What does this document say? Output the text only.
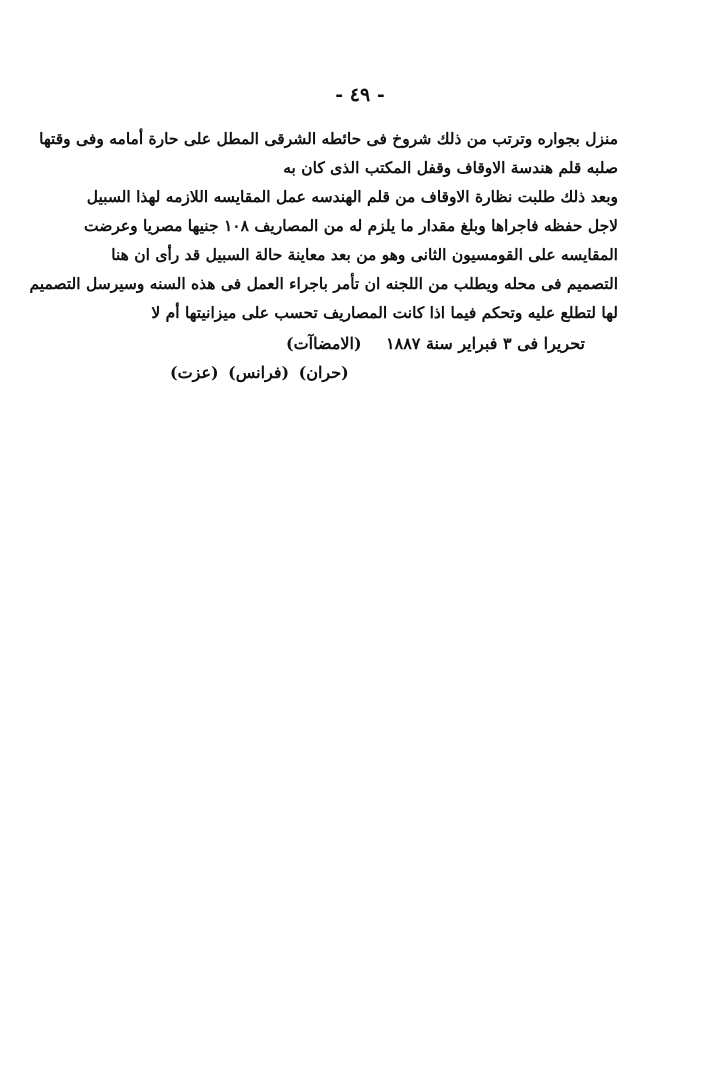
- ٤٩ -
منزل بجواره وترتب من ذلك شروخ فى حائطه الشرقى المطل على حارة أمامه وفى وقتها
صلبه قلم هندسة الاوقاف وقفل المكتب الذى كان به
وبعد ذلك طلبت نظارة الاوقاف من قلم الهندسه عمل المقايسه اللازمه لهذا السبيل
لاجل حفظه فاجراها وبلغ مقدار ما يلزم له من المصاريف ١٠٨ جنيها مصريا وعرضت
المقايسه على القومسيون الثانى وهو من بعد معاينة حالة السبيل قد رأى ان هنا
التصميم فى محله ويطلب من اللجنه ان تأمر باجراء العمل فى هذه السنه وسيرسل التصميم
لها لتطلع عليه وتحكم فيما اذا كانت المصاريف تحسب على ميزانيتها أم لا
تحريرا فى ٣ فبراير سنة ١٨٨٧
(الامضاآت)
(حران) (فرانس) (عزت)
